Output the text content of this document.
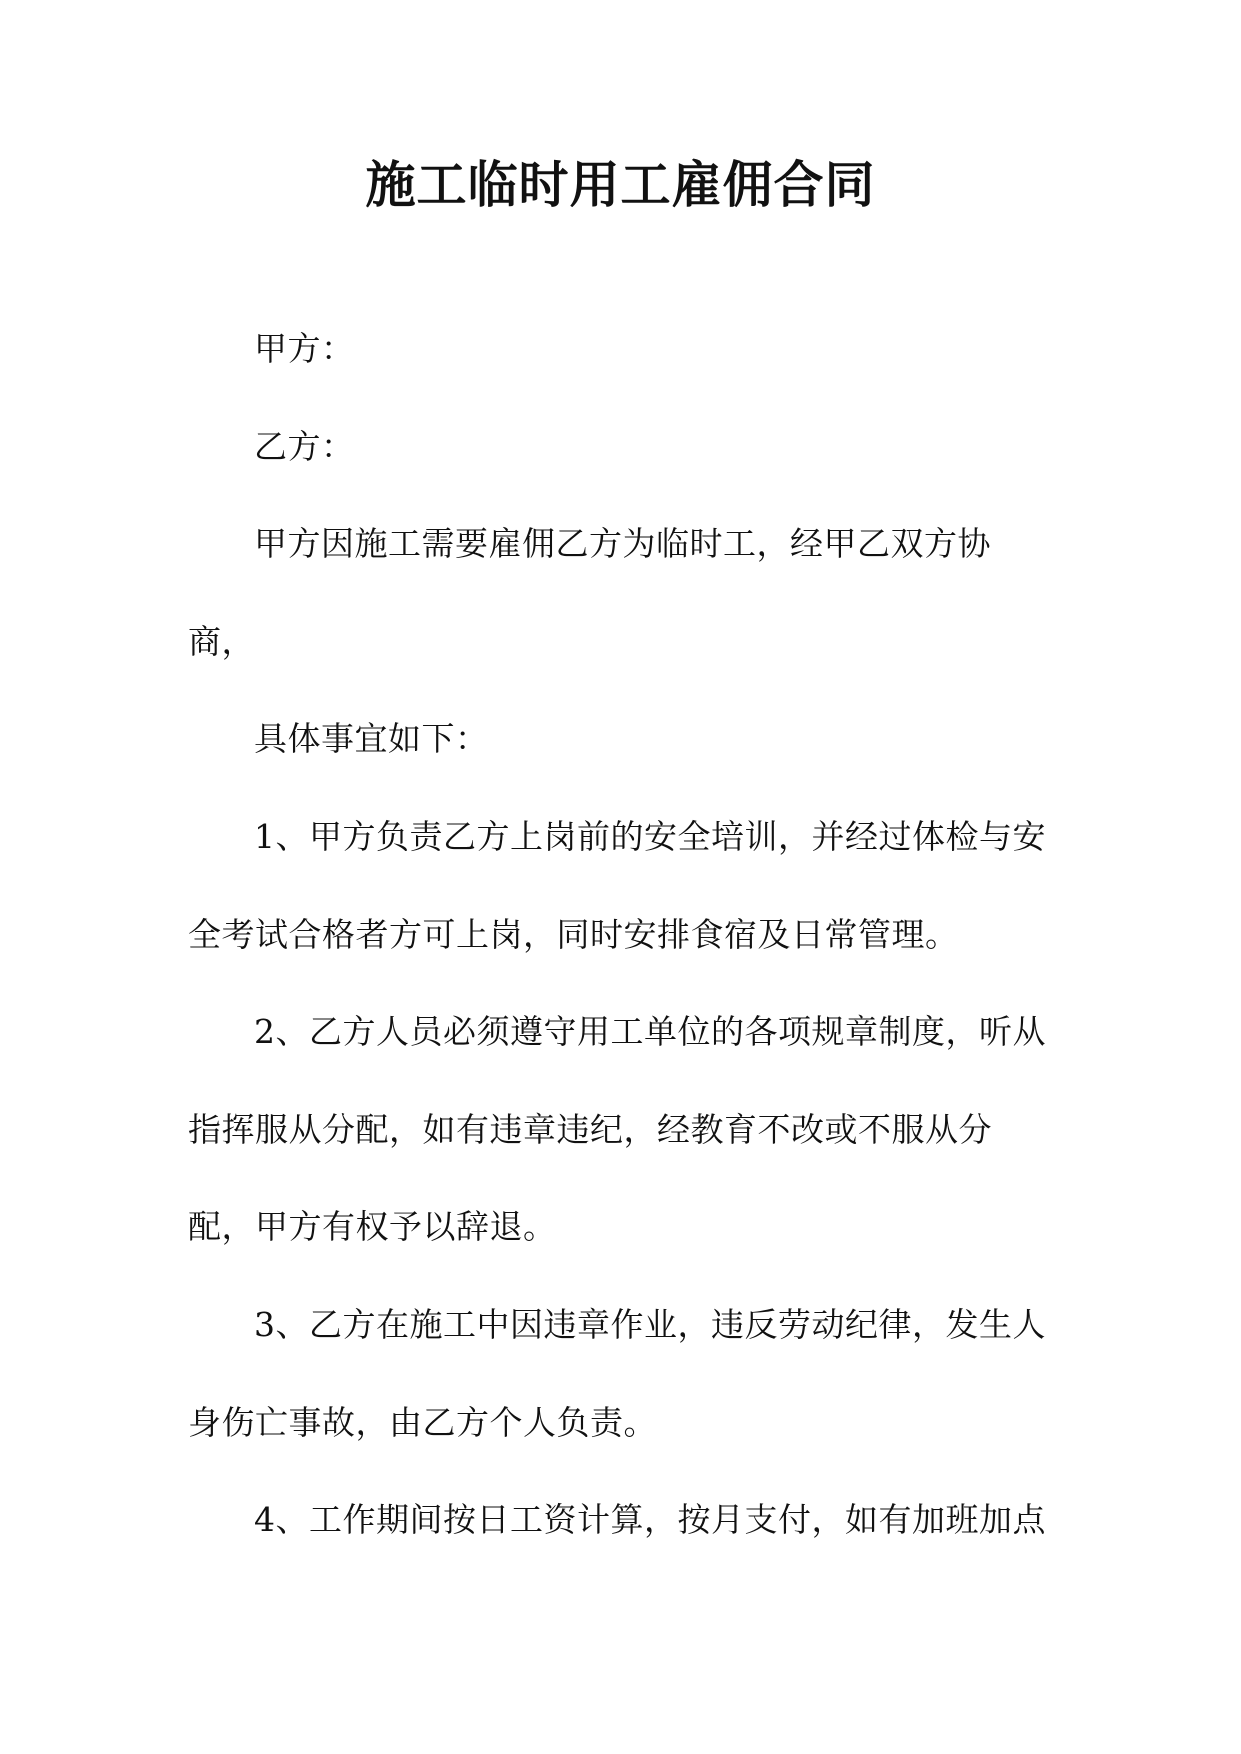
施工临时用工雇佣合同

甲方：

乙方：

甲方因施工需要雇佣乙方为临时工，经甲乙双方协

商，

具体事宜如下：

1、甲方负责乙方上岗前的安全培训，并经过体检与安

全考试合格者方可上岗，同时安排食宿及日常管理。

2、乙方人员必须遵守用工单位的各项规章制度，听从

指挥服从分配，如有违章违纪，经教育不改或不服从分

配，甲方有权予以辞退。

3、乙方在施工中因违章作业，违反劳动纪律，发生人

身伤亡事故，由乙方个人负责。

4、工作期间按日工资计算，按月支付，如有加班加点
